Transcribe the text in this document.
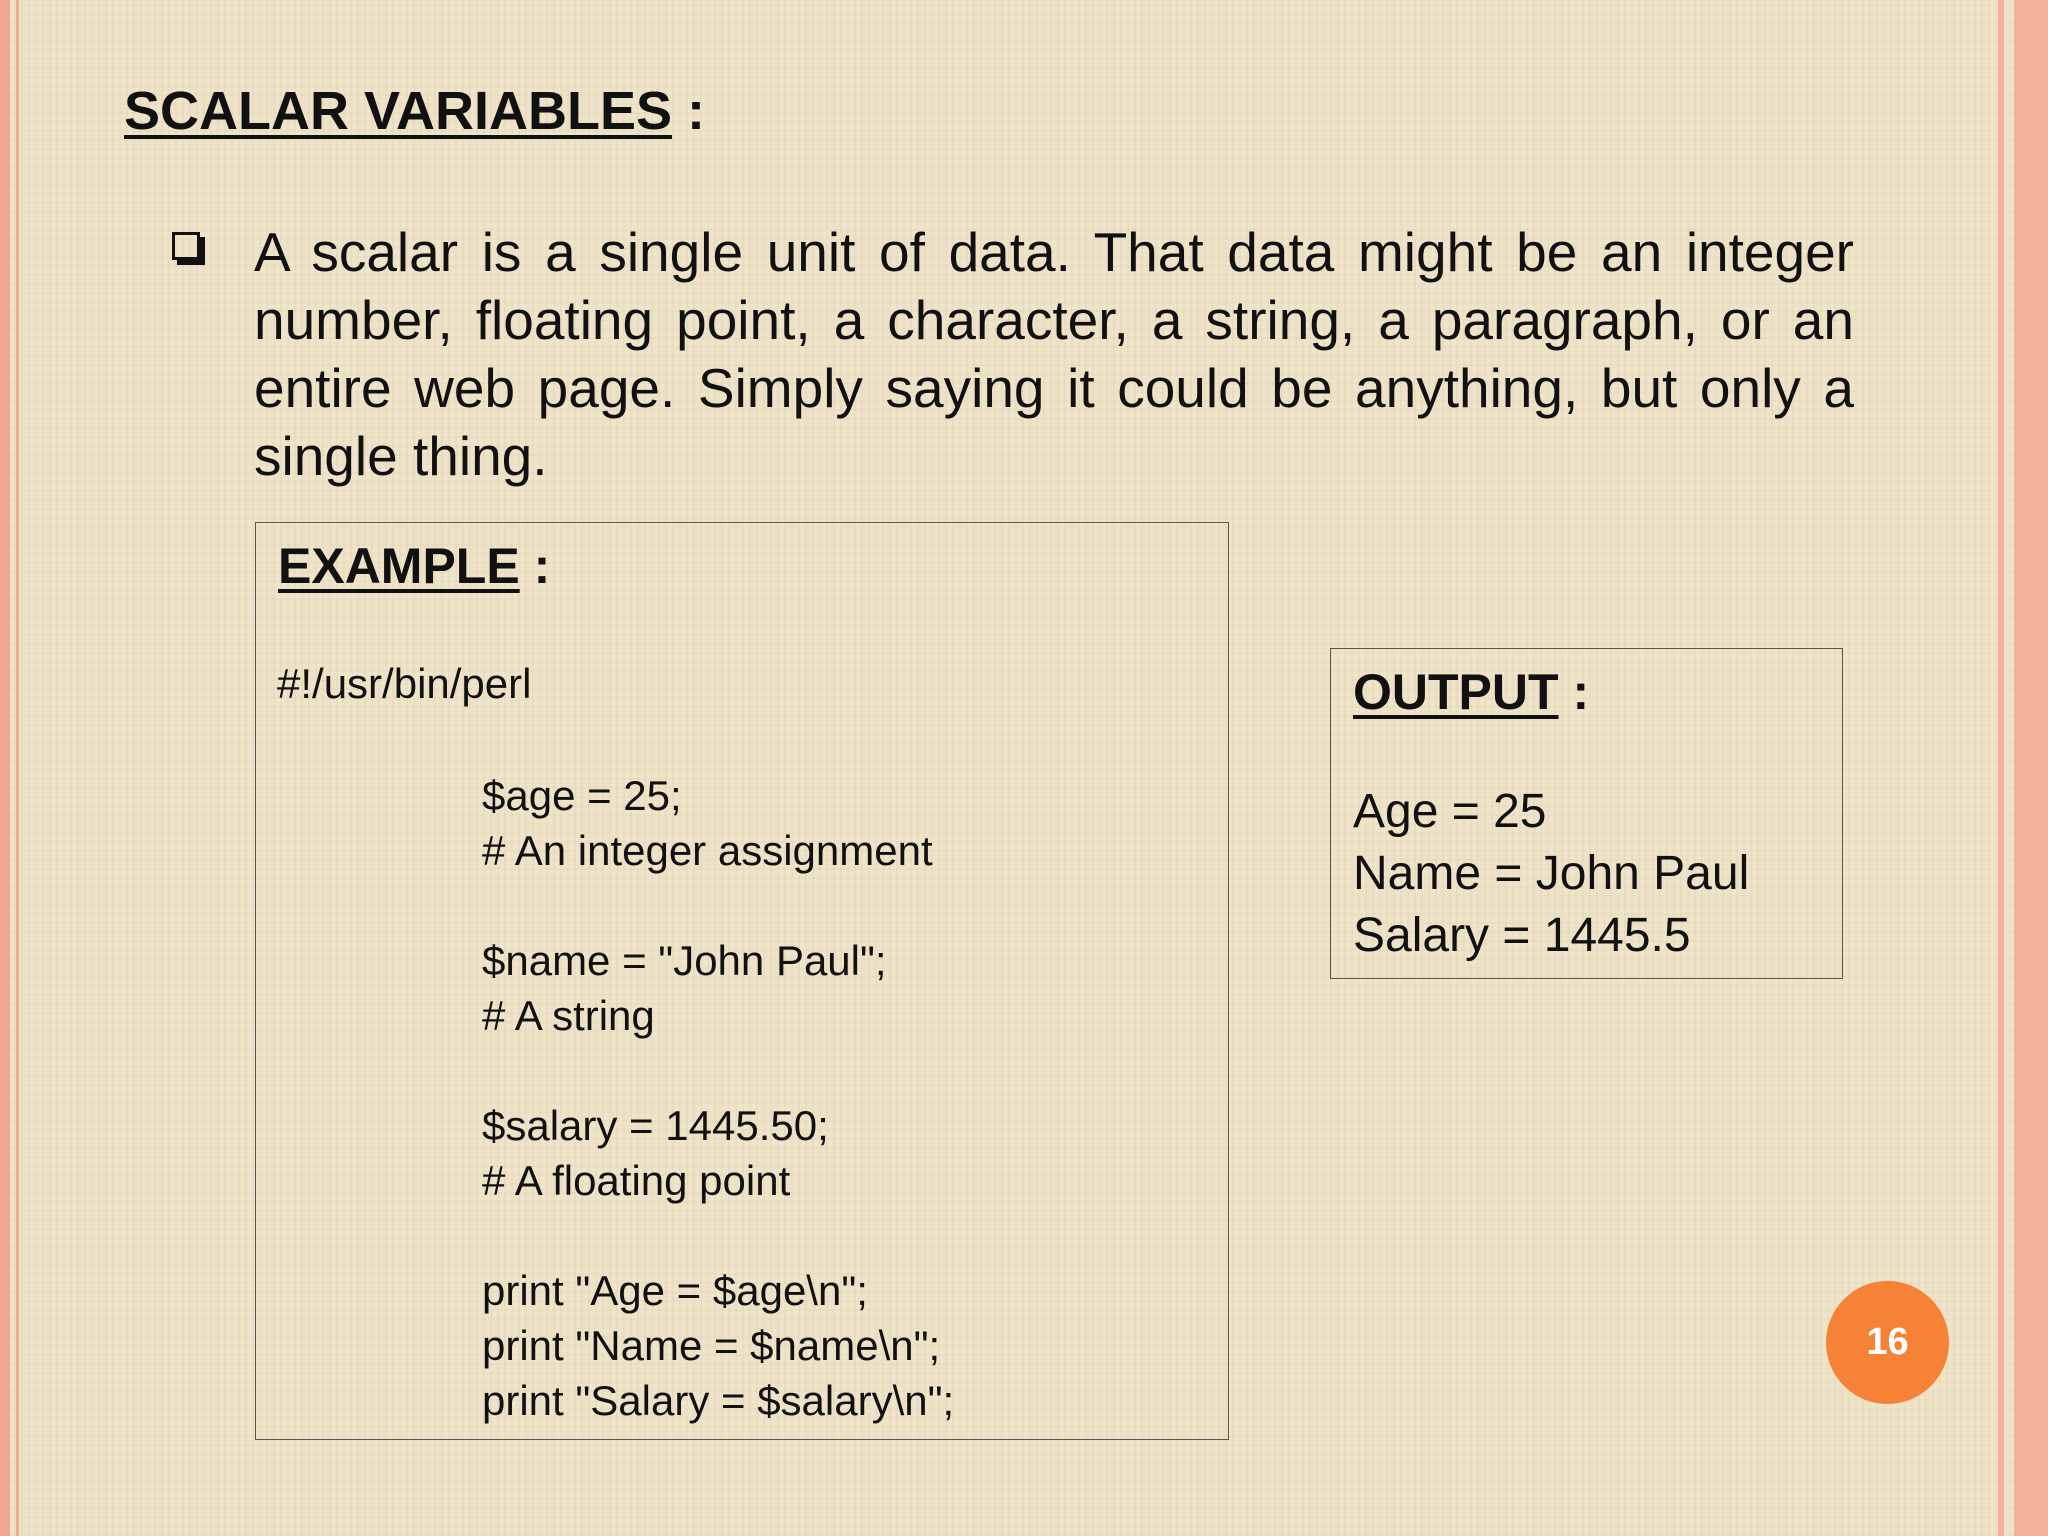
SCALAR VARIABLES :

A scalar is a single unit of data. That data might be an integer number, floating point, a character, a string, a paragraph, or an entire web page. Simply saying it could be anything, but only a single thing.

EXAMPLE :
#!/usr/bin/perl
$age = 25;
# An integer assignment
$name = "John Paul";
# A string
$salary = 1445.50;
# A floating point
print "Age = $age\n";
print "Name = $name\n";
print "Salary = $salary\n";
OUTPUT :
Age = 25
Name = John Paul
Salary = 1445.5
16
